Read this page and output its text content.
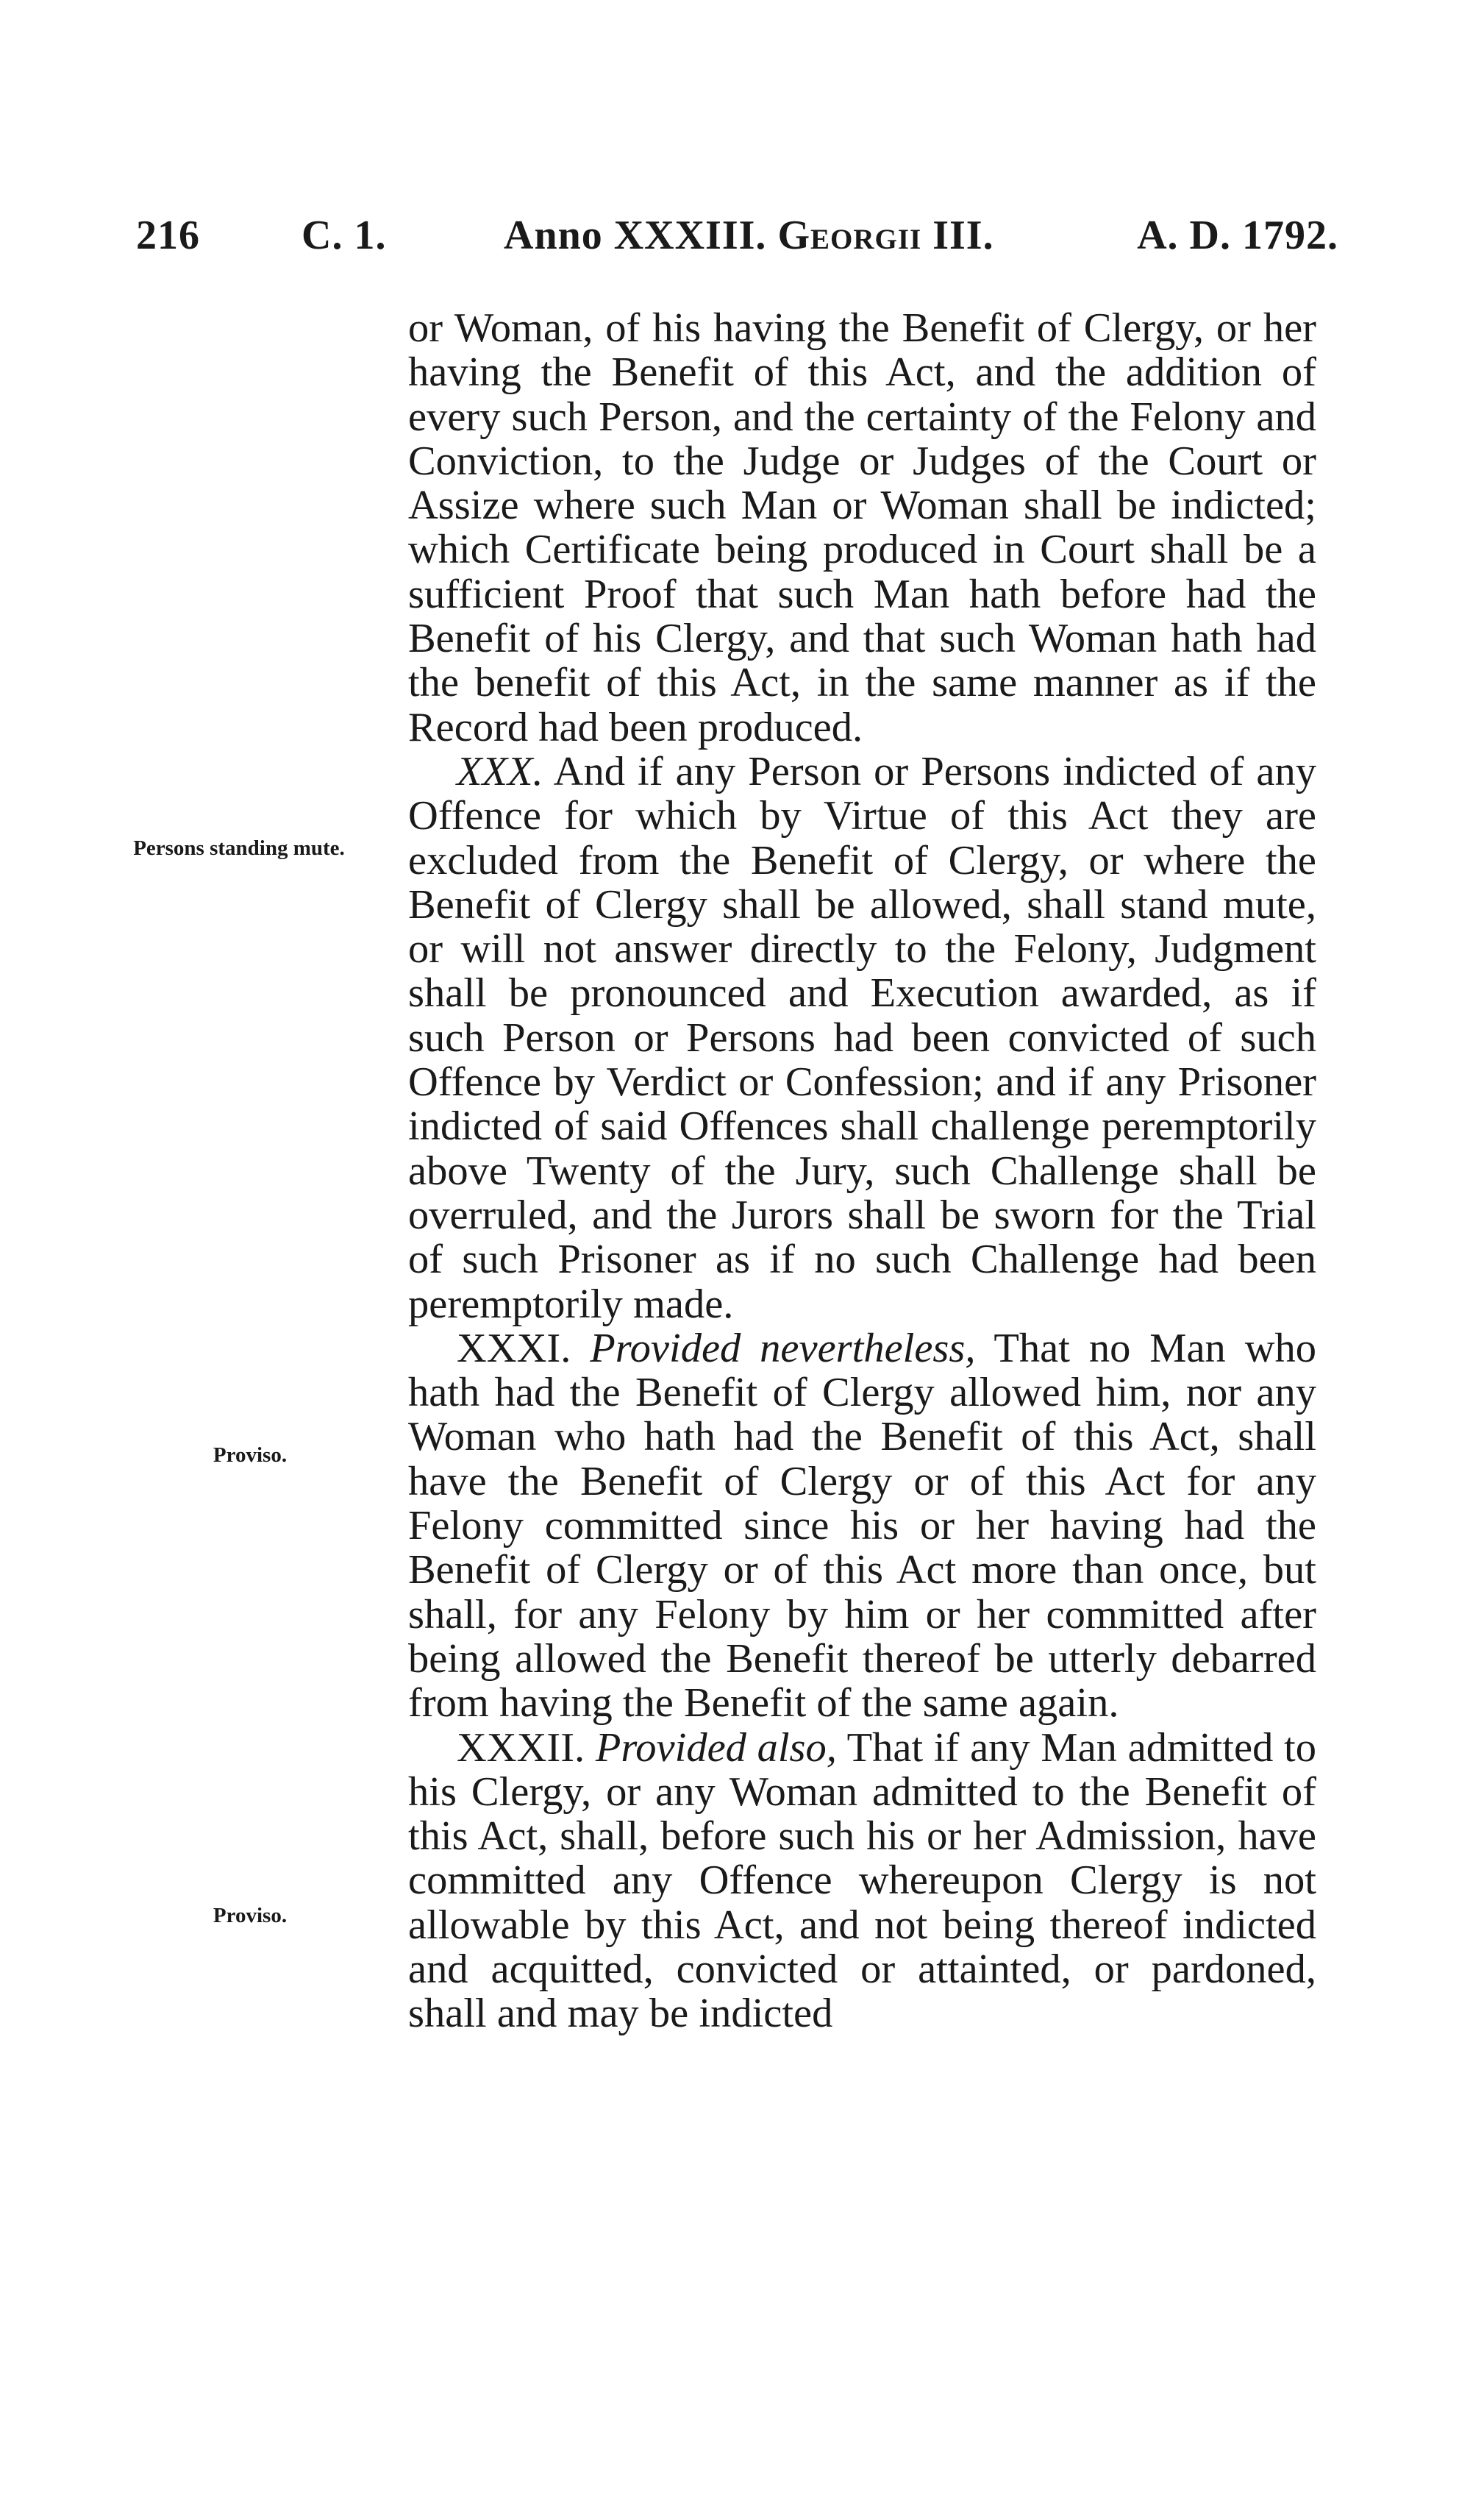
216 C. 1.	Anno XXXIII. Georgii III.	A. D. 1792.
Persons standing mute.
Proviso.
Proviso.

or Woman, of his having the Benefit of Clergy, or her having the Benefit of this Act, and the addition of every such Person, and the certainty of the Felony and Conviction, to the Judge or Judges of the Court or Assize where such Man or Woman shall be indicted; which Certificate being produced in Court shall be a sufficient Proof that such Man hath before had the Benefit of his Clergy, and that such Woman hath had the benefit of this Act, in the same manner as if the Record had been produced.

XXX. And if any Person or Persons indicted of any Offence for which by Virtue of this Act they are excluded from the Benefit of Clergy, or where the Benefit of Clergy shall be allowed, shall stand mute, or will not answer directly to the Felony, Judgment shall be pronounced and Execution awarded, as if such Person or Persons had been convicted of such Offence by Verdict or Confession; and if any Prisoner indicted of said Offences shall challenge peremptorily above Twenty of the Jury, such Challenge shall be overruled, and the Jurors shall be sworn for the Trial of such Prisoner as if no such Challenge had been peremptorily made.

XXXI. Provided nevertheless, That no Man who hath had the Benefit of Clergy allowed him, nor any Woman who hath had the Benefit of this Act, shall have the Benefit of Clergy or of this Act for any Felony committed since his or her having had the Benefit of Clergy or of this Act more than once, but shall, for any Felony by him or her committed after being allowed the Benefit thereof be utterly debarred from having the Benefit of the same again.

XXXII. Provided also, That if any Man admitted to his Clergy, or any Woman admitted to the Benefit of this Act, shall, before such his or her Admission, have committed any Offence whereupon Clergy is not allowable by this Act, and not being thereof indicted and acquitted, convicted or attainted, or pardoned, shall and may be indicted
